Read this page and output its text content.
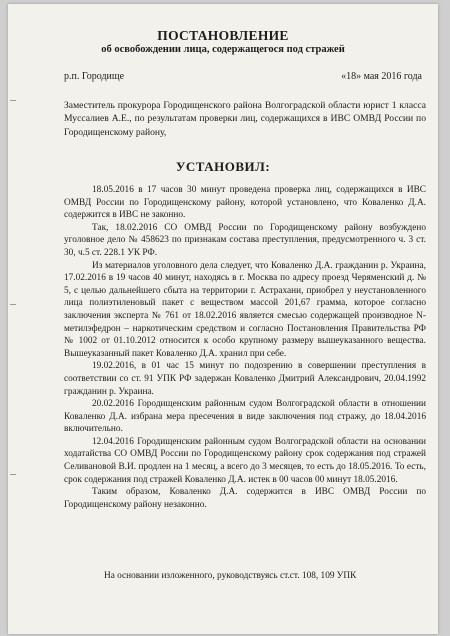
ПОСТАНОВЛЕНИЕ
об освобождении лица, содержащегося под стражей
р.п. Городище	«18» мая 2016 года
Заместитель прокурора Городищенского района Волгоградской области юрист 1 класса Муссалиев А.Е., по результатам проверки лиц, содержащихся в ИВС ОМВД России по Городищенскому району,
УСТАНОВИЛ:

18.05.2016 в 17 часов 30 минут проведена проверка лиц, содержащихся в ИВС ОМВД России по Городищенскому району, которой установлено, что Коваленко Д.А. содержится в ИВС не законно.

Так, 18.02.2016 СО ОМВД России по Городищенскому району возбуждено уголовное дело № 458623 по признакам состава преступления, предусмотренного ч. 3 ст. 30, ч.5 ст. 228.1 УК РФ.

Из материалов уголовного дела следует, что Коваленко Д.А. гражданин р. Украина, 17.02.2016 в 19 часов 40 минут, находясь в г. Москва по адресу проезд Черяменский д. № 5, с целью дальнейшего сбыта на территории г. Астрахани, приобрел у неустановленного лица полиэтиленовый пакет с веществом массой 201,67 грамма, которое согласно заключения эксперта № 761 от 18.02.2016 является смесью содержащей производное N-метилэфедрон – наркотическим средством и согласно Постановления Правительства РФ № 1002 от 01.10.2012 относится к особо крупному размеру вышеуказанного вещества. Вышеуказанный пакет Коваленко Д.А. хранил при себе.

19.02.2016, в 01 час 15 минут по подозрению в совершении преступления в соответствии со ст. 91 УПК РФ задержан Коваленко Дмитрий Александрович, 20.04.1992 гражданин р. Украина.

20.02.2016 Городищенским районным судом Волгоградской области в отношении Коваленко Д.А. избрана мера пресечения в виде заключения под стражу, до 18.04.2016 включительно.

12.04.2016 Городищенским районным судом Волгоградской области на основании ходатайства СО ОМВД России по Городищенскому району срок содержания под стражей Селивановой В.И. продлен на 1 месяц, а всего до 3 месяцев, то есть до 18.05.2016. То есть, срок содержания под стражей Коваленко Д.А. истек в 00 часов 00 минут 18.05.2016.

Таким образом, Коваленко Д.А. содержится в ИВС ОМВД России по Городищенскому району незаконно.

На основании изложенного, руководствуясь ст.ст. 108, 109 УПК
